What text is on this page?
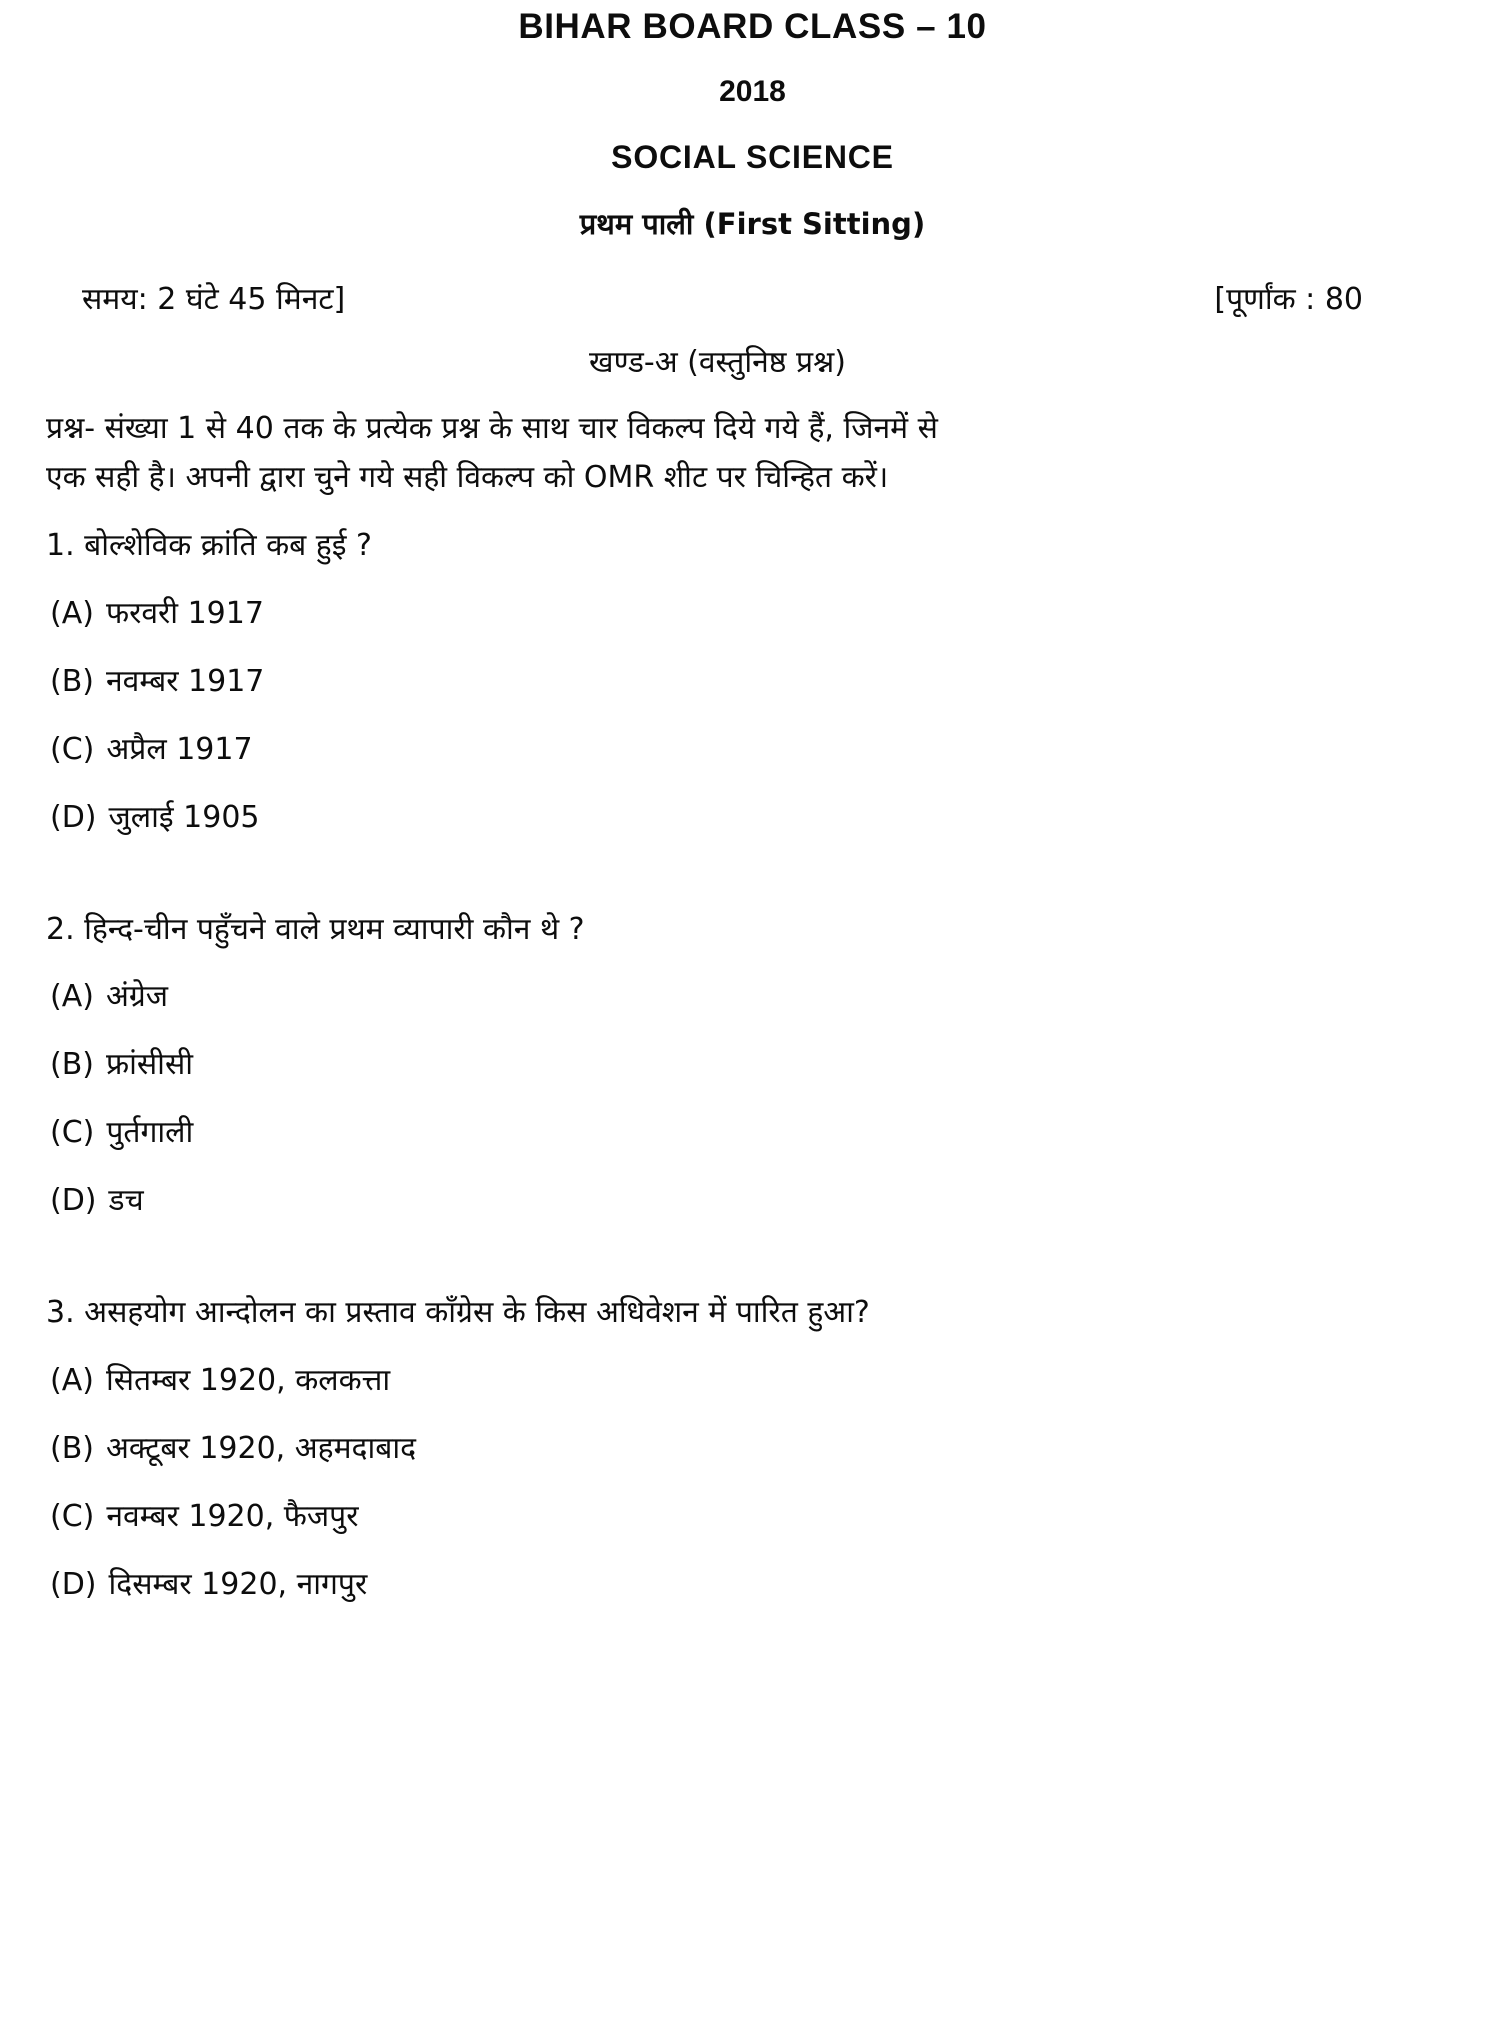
BIHAR BOARD CLASS – 10
2018
SOCIAL SCIENCE
प्रथम पाली (First Sitting)
समय: 2 घंटे 45 मिनट]	[पूर्णांक : 80
खण्ड-अ (वस्तुनिष्ठ प्रश्न)
प्रश्न- संख्या 1 से 40 तक के प्रत्येक प्रश्न के साथ चार विकल्प दिये गये हैं, जिनमें से
एक सही है। अपनी द्वारा चुने गये सही विकल्प को OMR शीट पर चिन्हित करें।

1. बोल्शेविक क्रांति कब हुई ?

(A) फरवरी 1917
(B) नवम्बर 1917
(C) अप्रैल 1917
(D) जुलाई 1905

2. हिन्द-चीन पहुँचने वाले प्रथम व्यापारी कौन थे ?

(A) अंग्रेज
(B) फ्रांसीसी
(C) पुर्तगाली
(D) डच

3. असहयोग आन्दोलन का प्रस्ताव काँग्रेस के किस अधिवेशन में पारित हुआ?

(A) सितम्बर 1920, कलकत्ता
(B) अक्टूबर 1920, अहमदाबाद
(C) नवम्बर 1920, फैजपुर
(D) दिसम्बर 1920, नागपुर
